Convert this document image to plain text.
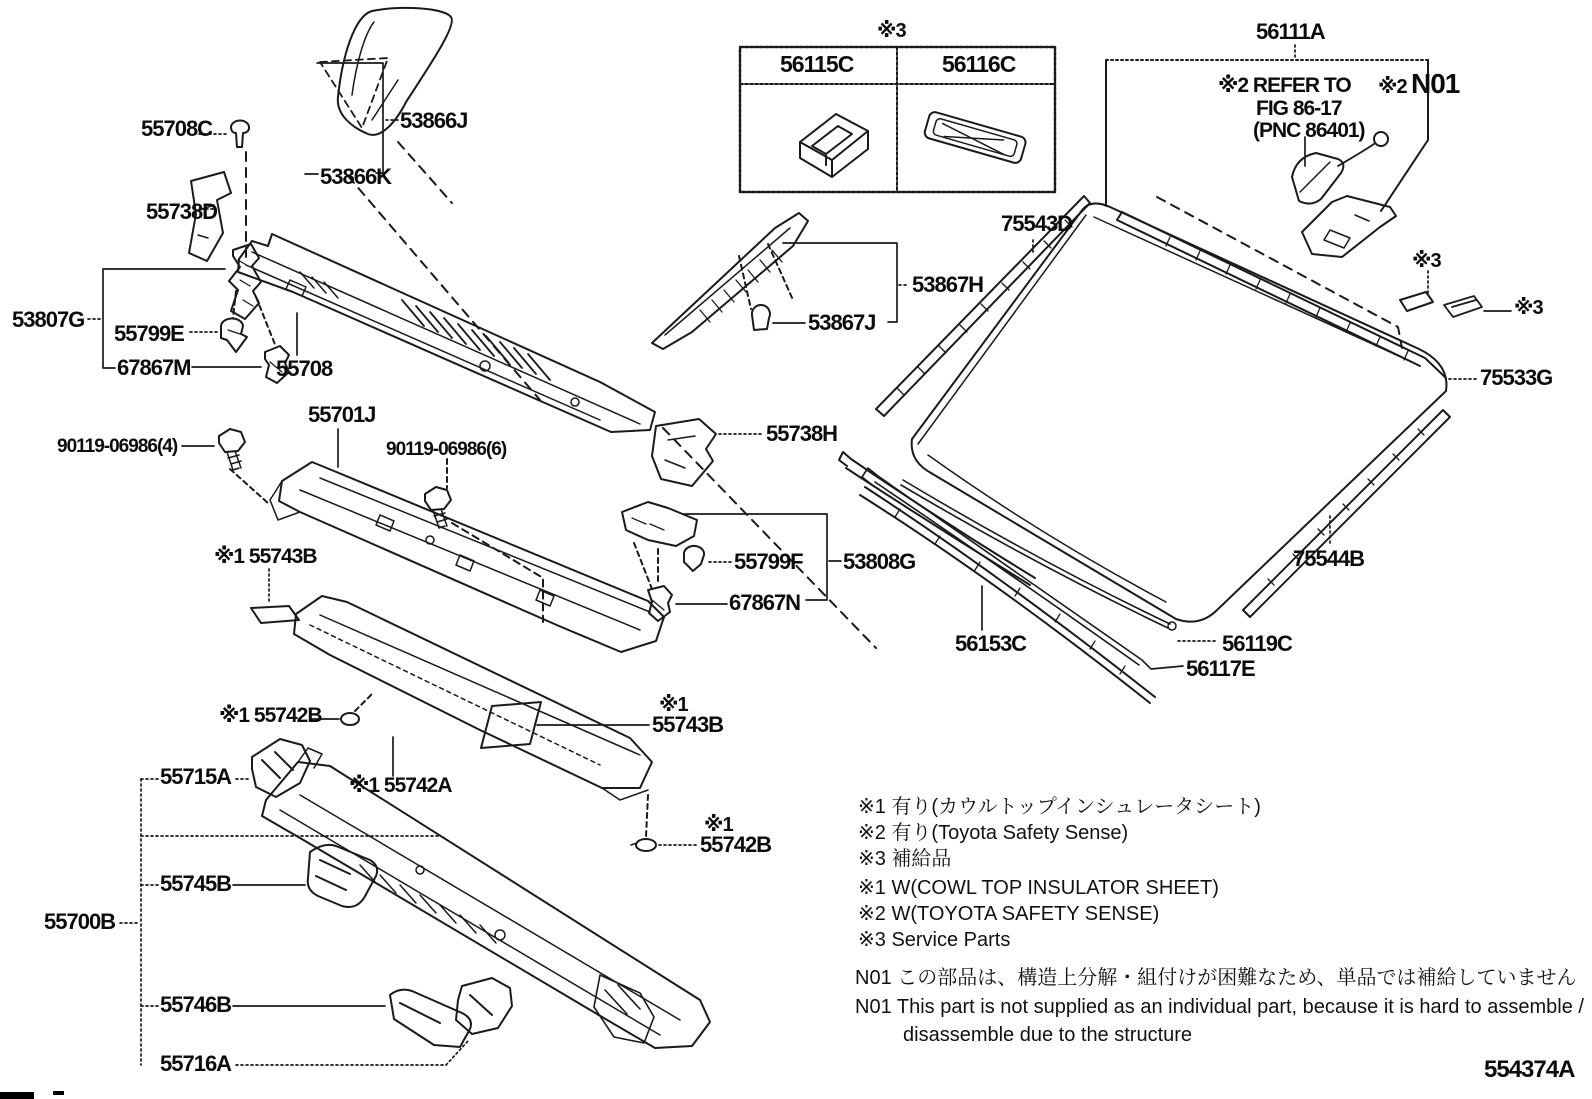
55708C	53866J
53866K
55738D
53807G
55799E
67867M	55708
55701J
90119-06986(4)	90119-06986(6)
※1 55743B
55738H
55799F 53808G
67867N
56153C	56119C
56117E
75544B
75533G
75543D
53867H
53867J
56111A
※2 REFER TO
FIG 86-17
(PNC 86401)
※2 N01
※3
56115C	56116C
※3
※3
※1 55742B	※1
55743B
※1 55742A
※1
55742B
55715A
55745B
55700B
55746B
55716A
※1 有り(カウルトップインシュレータシート)
※2 有り(Toyota Safety Sense)
※3 補給品
※1 W(COWL TOP INSULATOR SHEET)
※2 W(TOYOTA SAFETY SENSE)
※3 Service Parts
N01 この部品は、構造上分解・組付けが困難なため、単品では補給していません
N01 This part is not supplied as an individual part, because it is hard to assemble /
disassemble due to the structure
554374A
